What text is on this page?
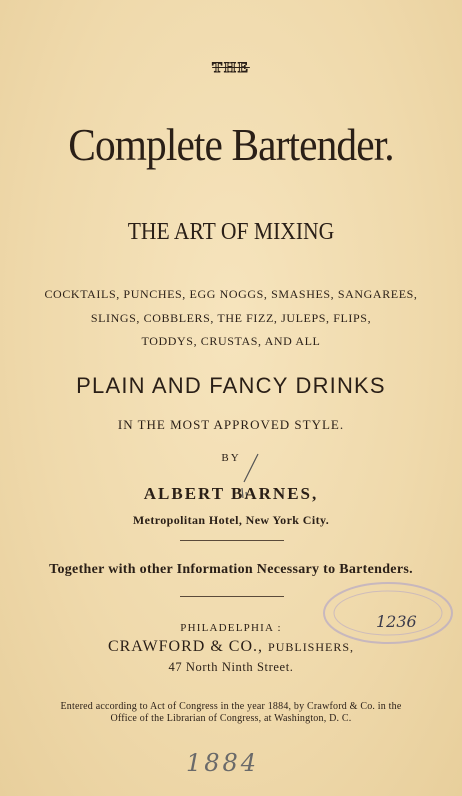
THE
Complete Bartender.
THE ART OF MIXING
COCKTAILS, PUNCHES, EGG NOGGS, SMASHES, SANGAREES,
SLINGS, COBBLERS, THE FIZZ, JULEPS, FLIPS,
TODDYS, CRUSTAS, AND ALL
PLAIN AND FANCY DRINKS
IN THE MOST APPROVED STYLE.
BY
ALBERT BARNES,
Metropolitan Hotel, New York City.
Together with other Information Necessary to Bartenders.
PHILADELPHIA :
CRAWFORD & CO., PUBLISHERS,
47 North Ninth Street.
Entered according to Act of Congress in the year 1884, by Crawford & Co. in the
Office of the Librarian of Congress, at Washington, D. C.
1236
1884
